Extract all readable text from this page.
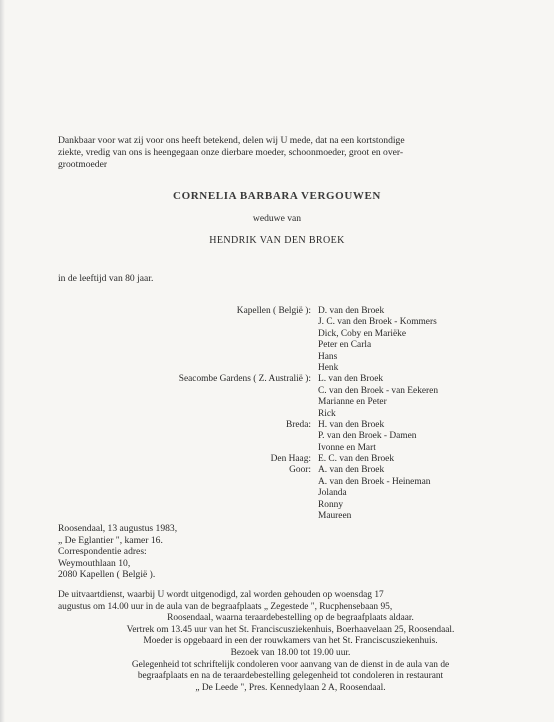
Dankbaar voor wat zij voor ons heeft betekend, delen wij U mede, dat na een kortstondige
ziekte, vredig van ons is heengegaan onze dierbare moeder, schoonmoeder, groot en over-
grootmoeder
CORNELIA BARBARA VERGOUWEN
weduwe van
HENDRIK VAN DEN BROEK
in de leeftijd van 80 jaar.
Kapellen ( België ): D. van den Broek
J. C. van den Broek - Kommers
Dick, Coby en Mariëke
Peter en Carla
Hans
Henk
Seacombe Gardens ( Z. Australië ): L. van den Broek
C. van den Broek - van Eekeren
Marianne en Peter
Rick
Breda: H. van den Broek
P. van den Broek - Damen
Ivonne en Mart
Den Haag: E. C. van den Broek
Goor: A. van den Broek
A. van den Broek - Heineman
Jolanda
Ronny
Maureen
Roosendaal, 13 augustus 1983,
„ De Eglantier ", kamer 16.
Correspondentie adres:
Weymouthlaan 10,
2080 Kapellen ( België ).
De uitvaartdienst, waarbij U wordt uitgenodigd, zal worden gehouden op woensdag 17
augustus om 14.00 uur in de aula van de begraafplaats „ Zegestede ", Rucphensebaan 95,
Roosendaal, waarna teraardebestelling op de begraafplaats aldaar.
Vertrek om 13.45 uur van het St. Franciscusziekenhuis, Boerhaavelaan 25, Roosendaal.
Moeder is opgebaard in een der rouwkamers van het St. Franciscusziekenhuis.
Bezoek van 18.00 tot 19.00 uur.
Gelegenheid tot schriftelijk condoleren voor aanvang van de dienst in de aula van de
begraafplaats en na de teraardebestelling gelegenheid tot condoleren in restaurant
„ De Leede ", Pres. Kennedylaan 2 A, Roosendaal.
